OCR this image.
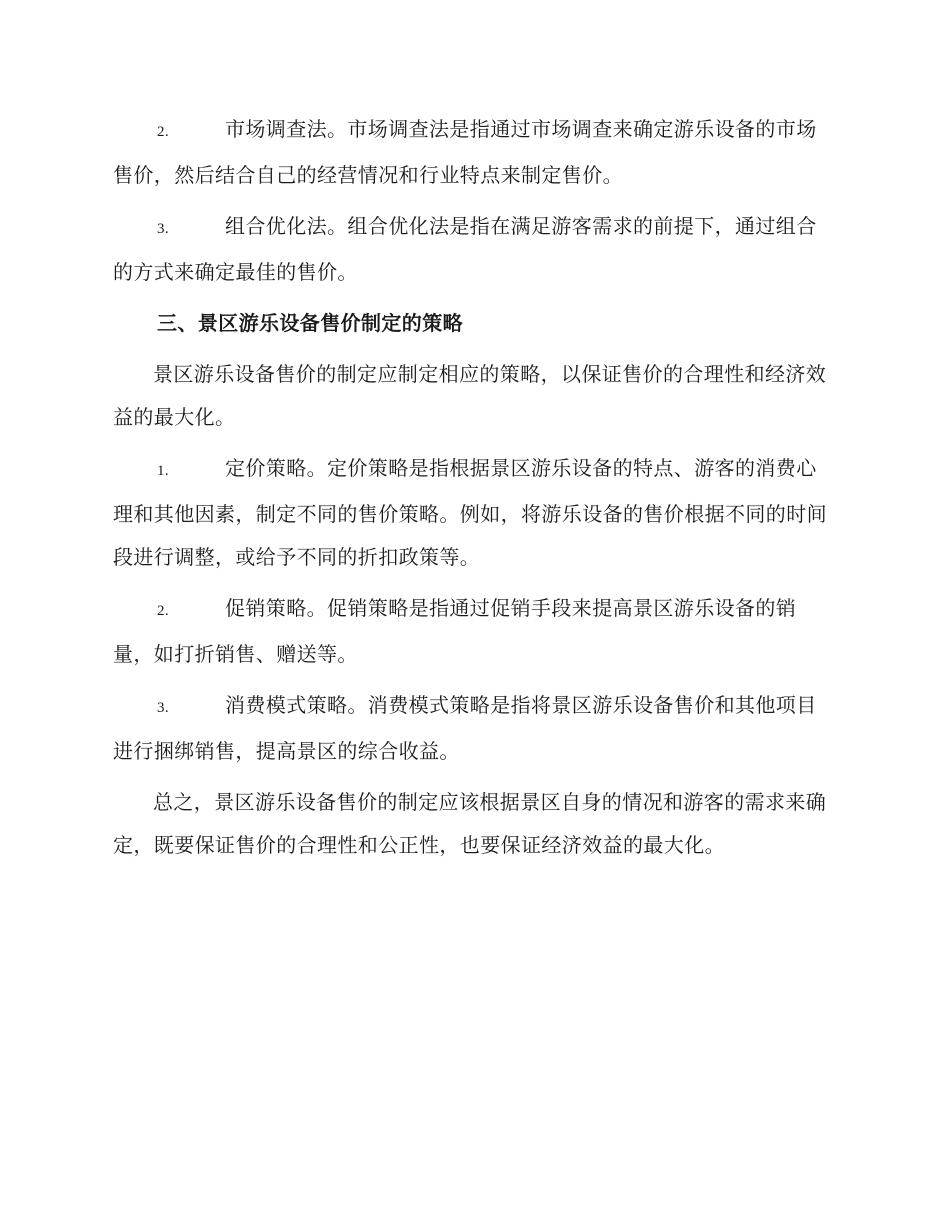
2.	市场调查法。市场调查法是指通过市场调查来确定游乐设备的市场售价，然后结合自己的经营情况和行业特点来制定售价。

3.	组合优化法。组合优化法是指在满足游客需求的前提下，通过组合的方式来确定最佳的售价。

三、景区游乐设备售价制定的策略

景区游乐设备售价的制定应制定相应的策略，以保证售价的合理性和经济效益的最大化。

1.	定价策略。定价策略是指根据景区游乐设备的特点、游客的消费心理和其他因素，制定不同的售价策略。例如，将游乐设备的售价根据不同的时间段进行调整，或给予不同的折扣政策等。

2.	促销策略。促销策略是指通过促销手段来提高景区游乐设备的销量，如打折销售、赠送等。

3.	消费模式策略。消费模式策略是指将景区游乐设备售价和其他项目进行捆绑销售，提高景区的综合收益。

总之，景区游乐设备售价的制定应该根据景区自身的情况和游客的需求来确定，既要保证售价的合理性和公正性，也要保证经济效益的最大化。
